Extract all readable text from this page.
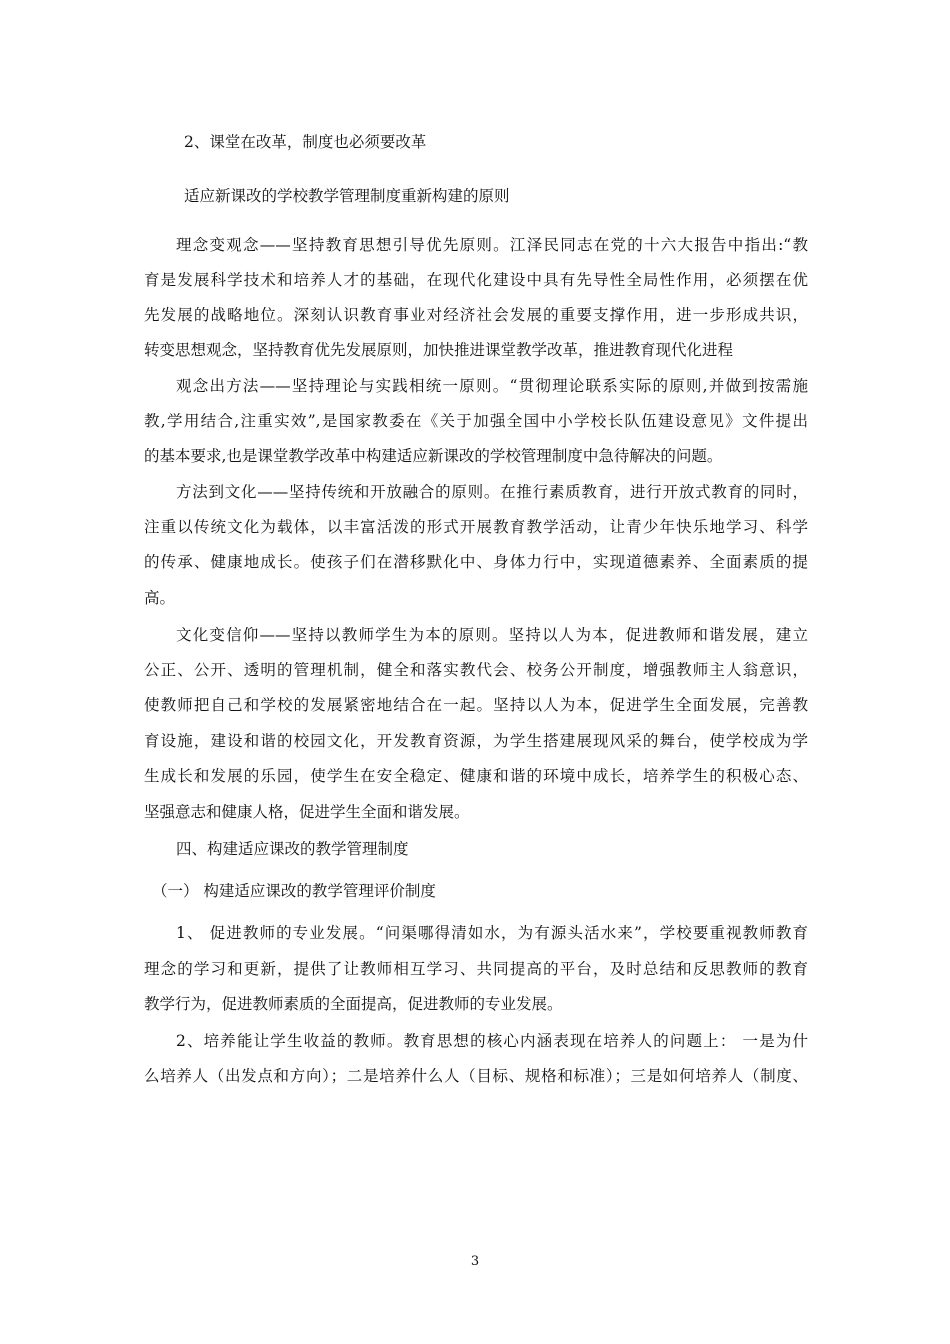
2、课堂在改革，制度也必须要改革
适应新课改的学校教学管理制度重新构建的原则
理念变观念——坚持教育思想引导优先原则。江泽民同志在党的十六大报告中指出:“教
育是发展科学技术和培养人才的基础，在现代化建设中具有先导性全局性作用，必须摆在优
先发展的战略地位。深刻认识教育事业对经济社会发展的重要支撑作用，进一步形成共识，
转变思想观念，坚持教育优先发展原则，加快推进课堂教学改革，推进教育现代化进程
观念出方法——坚持理论与实践相统一原则。“贯彻理论联系实际的原则,并做到按需施
教,学用结合,注重实效”,是国家教委在《关于加强全国中小学校长队伍建设意见》文件提出
的基本要求,也是课堂教学改革中构建适应新课改的学校管理制度中急待解决的问题。
方法到文化——坚持传统和开放融合的原则。在推行素质教育，进行开放式教育的同时，
注重以传统文化为载体，以丰富活泼的形式开展教育教学活动，让青少年快乐地学习、科学
的传承、健康地成长。使孩子们在潜移默化中、身体力行中，实现道德素养、全面素质的提
高。
文化变信仰——坚持以教师学生为本的原则。坚持以人为本，促进教师和谐发展，建立
公正、公开、透明的管理机制，健全和落实教代会、校务公开制度，增强教师主人翁意识，
使教师把自己和学校的发展紧密地结合在一起。坚持以人为本，促进学生全面发展，完善教
育设施，建设和谐的校园文化，开发教育资源，为学生搭建展现风采的舞台，使学校成为学
生成长和发展的乐园，使学生在安全稳定、健康和谐的环境中成长，培养学生的积极心态、
坚强意志和健康人格，促进学生全面和谐发展。
四、构建适应课改的教学管理制度
（一） 构建适应课改的教学管理评价制度
1、 促进教师的专业发展。“问渠哪得清如水，为有源头活水来”，学校要重视教师教育
理念的学习和更新，提供了让教师相互学习、共同提高的平台，及时总结和反思教师的教育
教学行为，促进教师素质的全面提高，促进教师的专业发展。
2、培养能让学生收益的教师。教育思想的核心内涵表现在培养人的问题上： 一是为什
么培养人（出发点和方向）；二是培养什么人（目标、规格和标准）；三是如何培养人（制度、
3
